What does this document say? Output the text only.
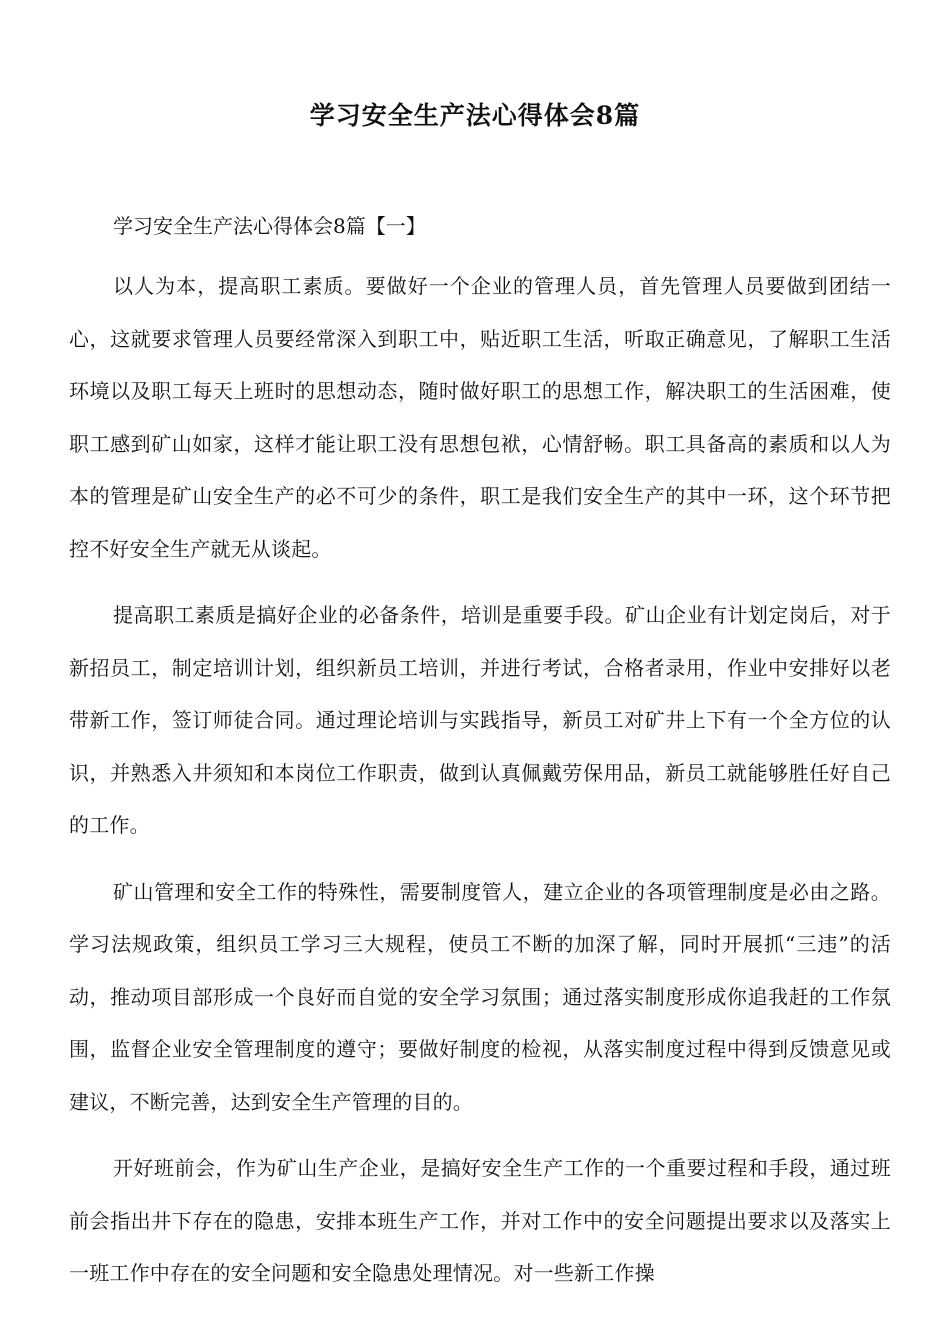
学习安全生产法心得体会8篇

学习安全生产法心得体会8篇【一】

以人为本，提高职工素质。要做好一个企业的管理人员，首先管理人员要做到团结一心，这就要求管理人员要经常深入到职工中，贴近职工生活，听取正确意见，了解职工生活环境以及职工每天上班时的思想动态，随时做好职工的思想工作，解决职工的生活困难，使职工感到矿山如家，这样才能让职工没有思想包袱，心情舒畅。职工具备高的素质和以人为本的管理是矿山安全生产的必不可少的条件，职工是我们安全生产的其中一环，这个环节把控不好安全生产就无从谈起。

提高职工素质是搞好企业的必备条件，培训是重要手段。矿山企业有计划定岗后，对于新招员工，制定培训计划，组织新员工培训，并进行考试，合格者录用，作业中安排好以老带新工作，签订师徒合同。通过理论培训与实践指导，新员工对矿井上下有一个全方位的认识，并熟悉入井须知和本岗位工作职责，做到认真佩戴劳保用品，新员工就能够胜任好自己的工作。

矿山管理和安全工作的特殊性，需要制度管人，建立企业的各项管理制度是必由之路。学习法规政策，组织员工学习三大规程，使员工不断的加深了解，同时开展抓“三违”的活动，推动项目部形成一个良好而自觉的安全学习氛围；通过落实制度形成你追我赶的工作氛围，监督企业安全管理制度的遵守；要做好制度的检视，从落实制度过程中得到反馈意见或建议，不断完善，达到安全生产管理的目的。

开好班前会，作为矿山生产企业，是搞好安全生产工作的一个重要过程和手段，通过班前会指出井下存在的隐患，安排本班生产工作，并对工作中的安全问题提出要求以及落实上一班工作中存在的安全问题和安全隐患处理情况。对一些新工作操
